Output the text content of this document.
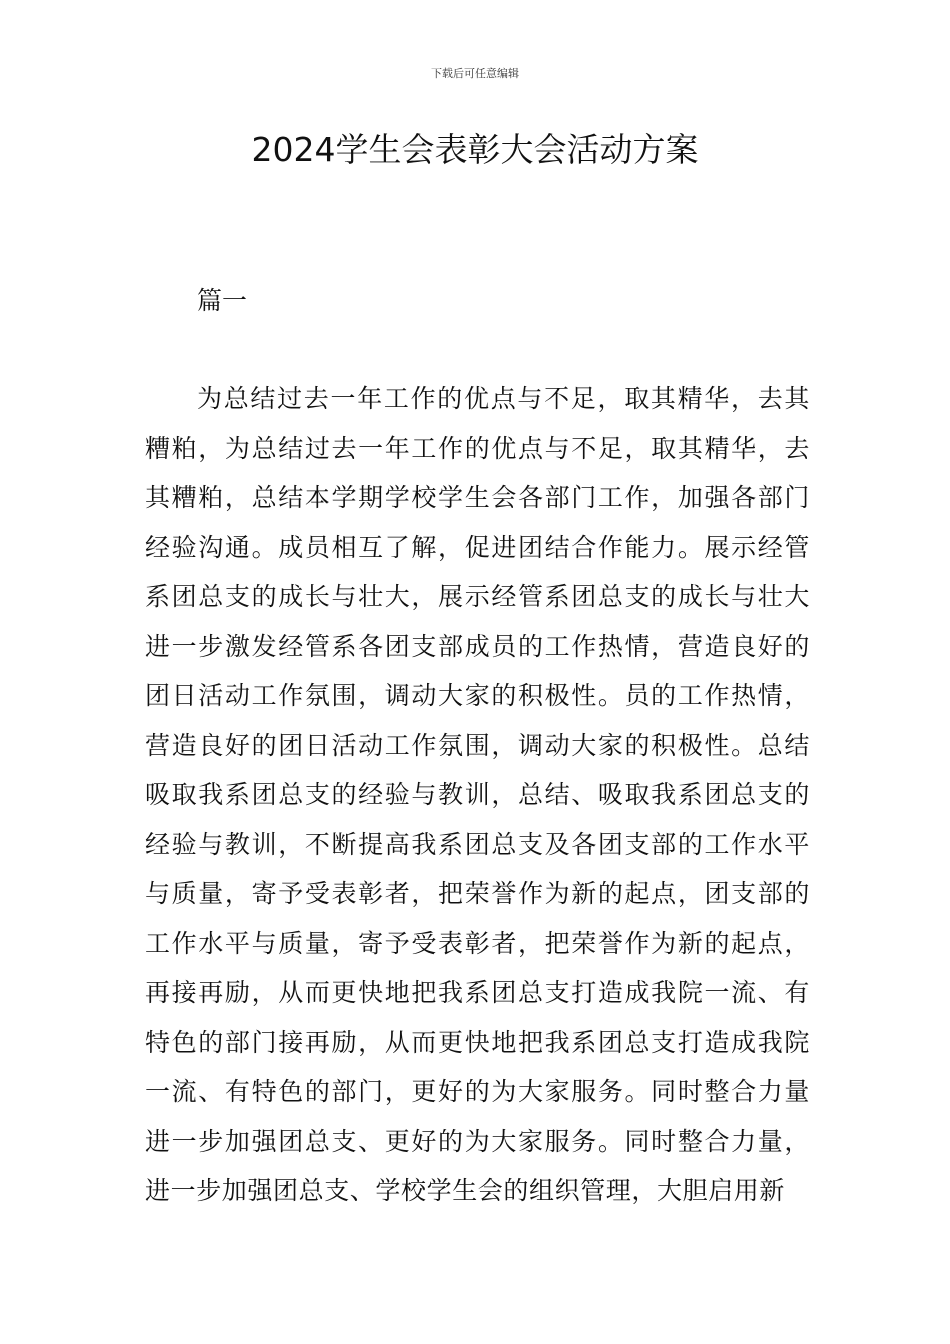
下载后可任意编辑
2024学生会表彰大会活动方案
篇一

为总结过去一年工作的优点与不足，取其精华，去其糟粕，为总结过去一年工作的优点与不足，取其精华，去其糟粕，总结本学期学校学生会各部门工作，加强各部门经验沟通。成员相互了解，促进团结合作能力。展示经管系团总支的成长与壮大，展示经管系团总支的成长与壮大进一步激发经管系各团支部成员的工作热情，营造良好的团日活动工作氛围，调动大家的积极性。员的工作热情，营造良好的团日活动工作氛围，调动大家的积极性。总结吸取我系团总支的经验与教训，总结、吸取我系团总支的经验与教训，不断提高我系团总支及各团支部的工作水平与质量，寄予受表彰者，把荣誉作为新的起点，团支部的工作水平与质量，寄予受表彰者，把荣誉作为新的起点，再接再励，从而更快地把我系团总支打造成我院一流、有特色的部门接再励，从而更快地把我系团总支打造成我院一流、有特色的部门，更好的为大家服务。同时整合力量进一步加强团总支、更好的为大家服务。同时整合力量，进一步加强团总支、学校学生会的组织管理，大胆启用新
